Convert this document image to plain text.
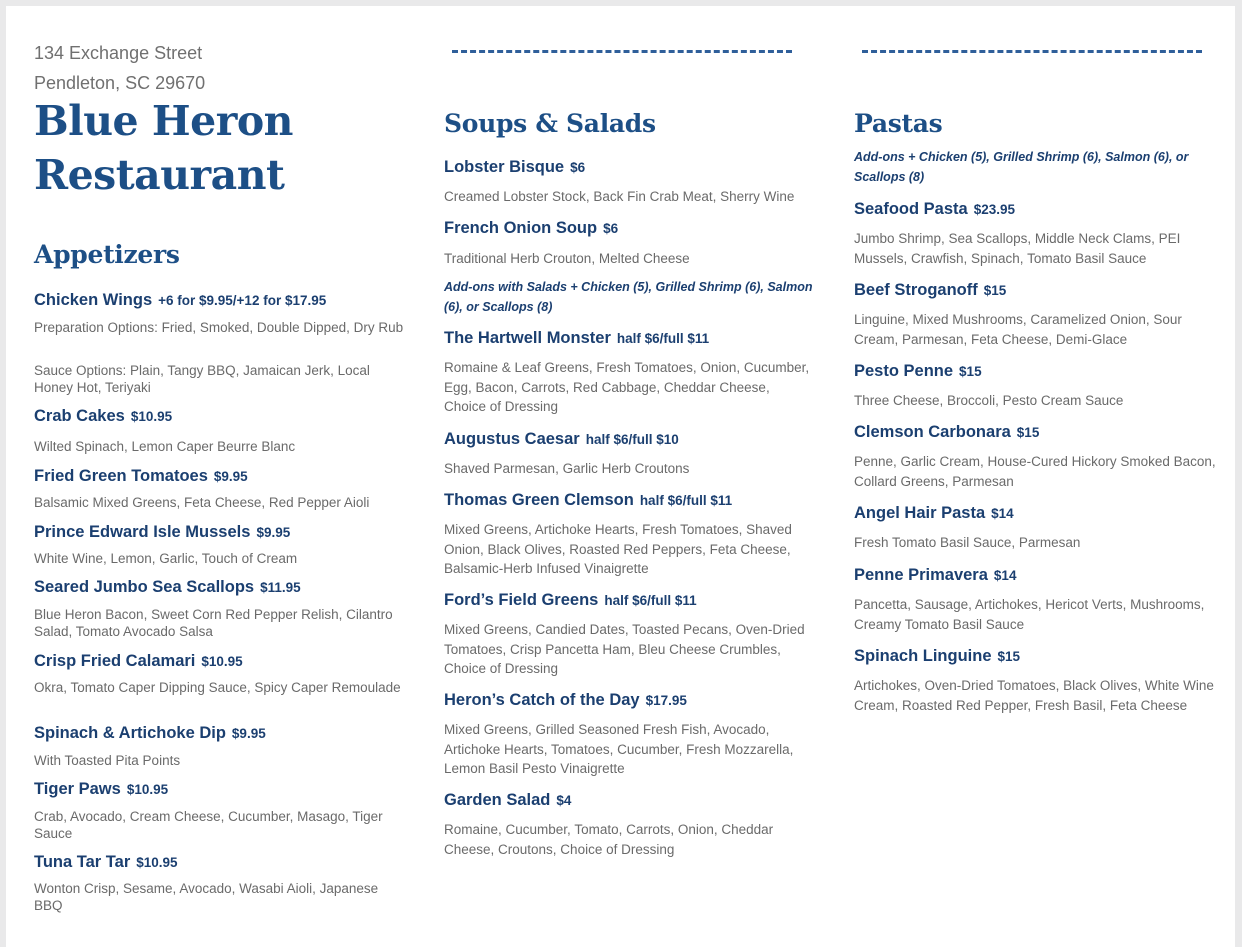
134 Exchange Street
Pendleton, SC 29670
Blue Heron
Restaurant
Appetizers
Chicken Wings +6 for $9.95/+12 for $17.95
Preparation Options: Fried, Smoked, Double Dipped, Dry Rub
Sauce Options: Plain, Tangy BBQ, Jamaican Jerk, Local Honey Hot, Teriyaki
Crab Cakes $10.95
Wilted Spinach, Lemon Caper Beurre Blanc
Fried Green Tomatoes $9.95
Balsamic Mixed Greens, Feta Cheese, Red Pepper Aioli
Prince Edward Isle Mussels $9.95
White Wine, Lemon, Garlic, Touch of Cream
Seared Jumbo Sea Scallops $11.95
Blue Heron Bacon, Sweet Corn Red Pepper Relish, Cilantro Salad, Tomato Avocado Salsa
Crisp Fried Calamari $10.95
Okra, Tomato Caper Dipping Sauce, Spicy Caper Remoulade
Spinach & Artichoke Dip $9.95
With Toasted Pita Points
Tiger Paws $10.95
Crab, Avocado, Cream Cheese, Cucumber, Masago, Tiger Sauce
Tuna Tar Tar $10.95
Wonton Crisp, Sesame, Avocado, Wasabi Aioli, Japanese BBQ
Soups & Salads
Lobster Bisque $6
Creamed Lobster Stock, Back Fin Crab Meat, Sherry Wine
French Onion Soup $6
Traditional Herb Crouton, Melted Cheese
Add-ons with Salads + Chicken (5), Grilled Shrimp (6), Salmon (6), or Scallops (8)
The Hartwell Monster half $6/full $11
Romaine & Leaf Greens, Fresh Tomatoes, Onion, Cucumber, Egg, Bacon, Carrots, Red Cabbage, Cheddar Cheese, Choice of Dressing
Augustus Caesar half $6/full $10
Shaved Parmesan, Garlic Herb Croutons
Thomas Green Clemson half $6/full $11
Mixed Greens, Artichoke Hearts, Fresh Tomatoes, Shaved Onion, Black Olives, Roasted Red Peppers, Feta Cheese, Balsamic-Herb Infused Vinaigrette
Ford’s Field Greens half $6/full $11
Mixed Greens, Candied Dates, Toasted Pecans, Oven-Dried Tomatoes, Crisp Pancetta Ham, Bleu Cheese Crumbles, Choice of Dressing
Heron’s Catch of the Day $17.95
Mixed Greens, Grilled Seasoned Fresh Fish, Avocado, Artichoke Hearts, Tomatoes, Cucumber, Fresh Mozzarella, Lemon Basil Pesto Vinaigrette
Garden Salad $4
Romaine, Cucumber, Tomato, Carrots, Onion, Cheddar Cheese, Croutons, Choice of Dressing
Pastas
Add-ons + Chicken (5), Grilled Shrimp (6), Salmon (6), or Scallops (8)
Seafood Pasta $23.95
Jumbo Shrimp, Sea Scallops, Middle Neck Clams, PEI Mussels, Crawfish, Spinach, Tomato Basil Sauce
Beef Stroganoff $15
Linguine, Mixed Mushrooms, Caramelized Onion, Sour Cream, Parmesan, Feta Cheese, Demi-Glace
Pesto Penne $15
Three Cheese, Broccoli, Pesto Cream Sauce
Clemson Carbonara $15
Penne, Garlic Cream, House-Cured Hickory Smoked Bacon, Collard Greens, Parmesan
Angel Hair Pasta $14
Fresh Tomato Basil Sauce, Parmesan
Penne Primavera $14
Pancetta, Sausage, Artichokes, Hericot Verts, Mushrooms, Creamy Tomato Basil Sauce
Spinach Linguine $15
Artichokes, Oven-Dried Tomatoes, Black Olives, White Wine Cream, Roasted Red Pepper, Fresh Basil, Feta Cheese
